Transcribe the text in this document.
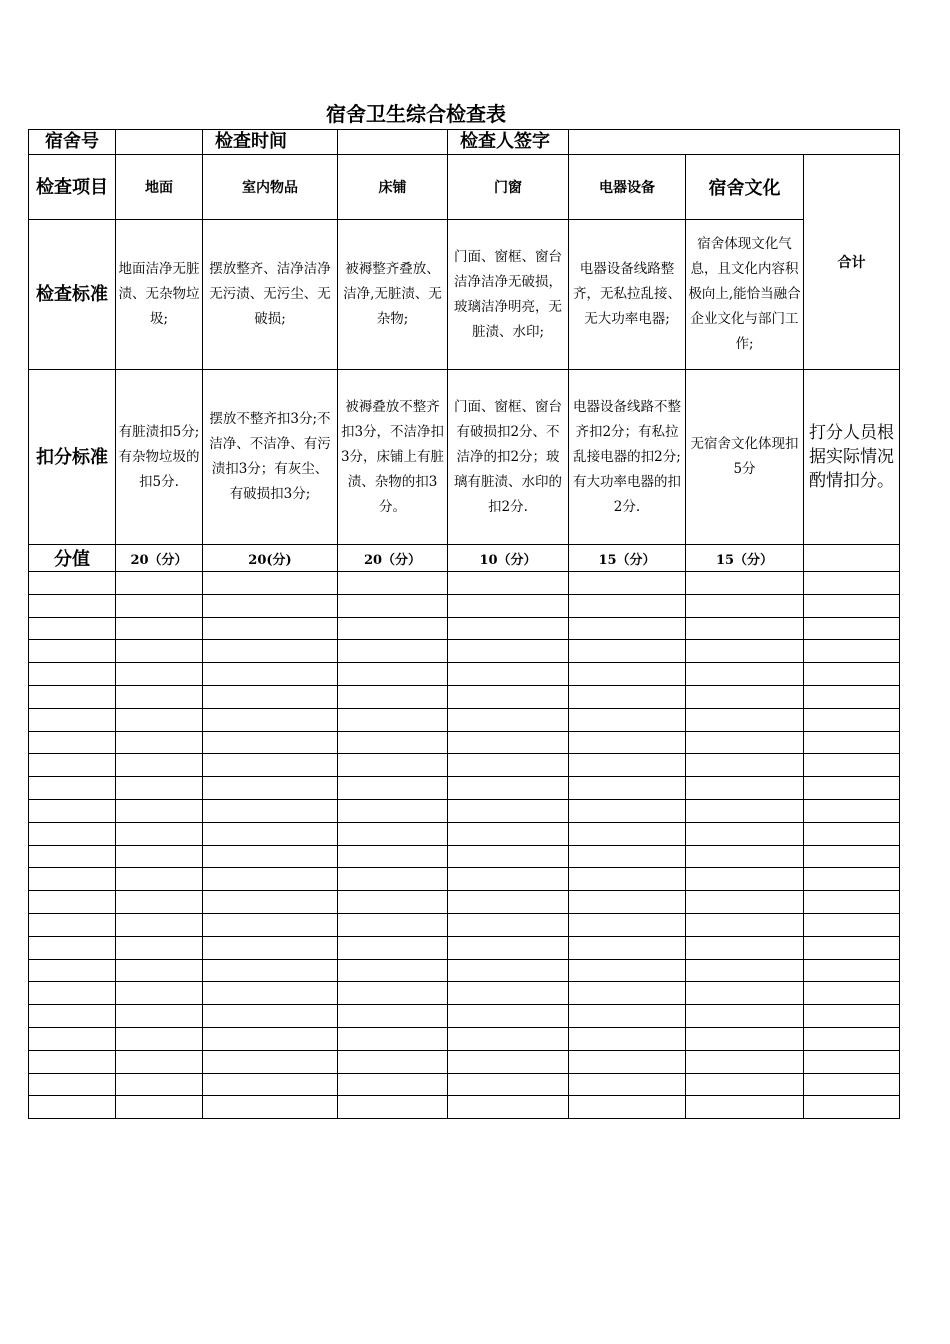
宿舍卫生综合检查表
宿舍号		检查时间		检查人签字			
检查项目	地面	室内物品	床铺	门窗	电器设备	宿舍文化	合计
检查标准	地面洁净无脏渍、无杂物垃圾;	摆放整齐、洁净洁净无污渍、无污尘、无破损;	被褥整齐叠放、洁净,无脏渍、无杂物;	门面、窗框、窗台洁净洁净无破损，玻璃洁净明亮，无脏渍、水印;	电器设备线路整齐，无私拉乱接、无大功率电器;	宿舍体现文化气息，且文化内容积极向上,能恰当融合企业文化与部门工作;	
扣分标准	有脏渍扣5分;有杂物垃圾的扣5分.	摆放不整齐扣3分;不洁净、不洁净、有污渍扣3分；有灰尘、有破损扣3分;	被褥叠放不整齐扣3分，不洁净扣3分，床铺上有脏渍、杂物的扣3分。	门面、窗框、窗台有破损扣2分、不洁净的扣2分；玻璃有脏渍、水印的扣2分.	电器设备线路不整齐扣2分；有私拉乱接电器的扣2分;有大功率电器的扣2分.	无宿舍文化体现扣5分	打分人员根据实际情况酌情扣分。
分值	20（分）	20(分)	20（分）	10（分）	15（分）	15（分）	
